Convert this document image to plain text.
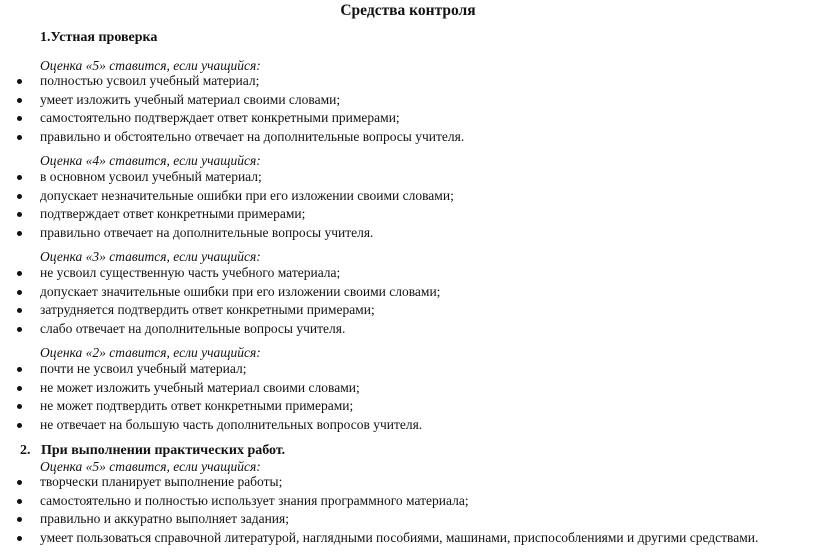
Средства контроля
1.Устная проверка
Оценка «5» ставится, если учащийся:
полностью усвоил учебный материал;
умеет изложить учебный материал своими словами;
самостоятельно подтверждает ответ конкретными примерами;
правильно и обстоятельно отвечает на дополнительные вопросы учителя.
Оценка «4» ставится, если учащийся:
в основном усвоил учебный материал;
допускает незначительные ошибки при его изложении своими словами;
подтверждает ответ конкретными примерами;
правильно отвечает на дополнительные вопросы учителя.
Оценка «3» ставится, если учащийся:
не усвоил существенную часть учебного материала;
допускает значительные ошибки при его изложении своими словами;
затрудняется подтвердить ответ конкретными примерами;
слабо отвечает на дополнительные вопросы учителя.
Оценка «2» ставится, если учащийся:
почти не усвоил учебный материал;
не может изложить учебный материал своими словами;
не может подтвердить ответ конкретными примерами;
не отвечает на большую часть дополнительных вопросов учителя.
2.   При выполнении практических работ.
Оценка «5» ставится, если учащийся:
творчески планирует выполнение работы;
самостоятельно и полностью использует знания программного материала;
правильно и аккуратно выполняет задания;
умеет пользоваться справочной литературой, наглядными пособиями, машинами, приспособлениями и другими средствами.
